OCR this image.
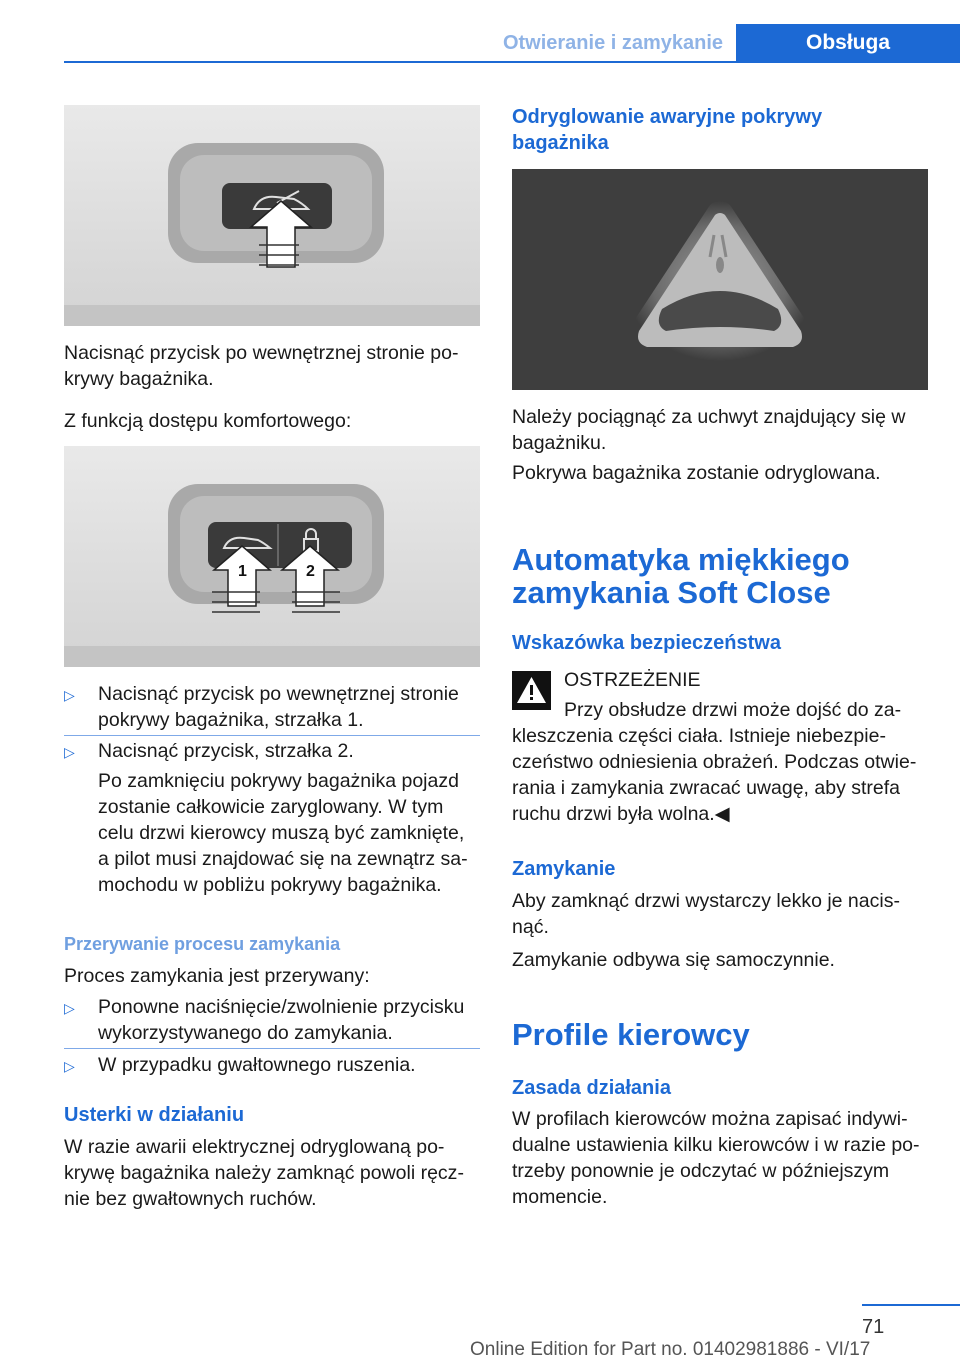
Otwieranie i zamykanie	Obsługa
Nacisnąć przycisk po wewnętrznej stronie pokrywy bagażnika.
Z funkcją dostępu komfortowego:
1	2
▷ Nacisnąć przycisk po wewnętrznej stronie pokrywy bagażnika, strzałka 1.
▷ Nacisnąć przycisk, strzałka 2.
Po zamknięciu pokrywy bagażnika pojazd zostanie całkowicie zaryglowany. W tym celu drzwi kierowcy muszą być zamknięte, a pilot musi znajdować się na zewnątrz samochodu w pobliżu pokrywy bagażnika.
Przerywanie procesu zamykania
Proces zamykania jest przerywany:
▷ Ponowne naciśnięcie/zwolnienie przycisku wykorzystywanego do zamykania.
▷ W przypadku gwałtownego ruszenia.
Usterki w działaniu
W razie awarii elektrycznej odryglowaną pokrywę bagażnika należy zamknąć powoli ręcznie bez gwałtownych ruchów.
Odryglowanie awaryjne pokrywy bagażnika
Należy pociągnąć za uchwyt znajdujący się w bagażniku.
Pokrywa bagażnika zostanie odryglowana.
Automatyka miękkiego zamykania Soft Close
Wskazówka bezpieczeństwa
OSTRZEŻENIE
Przy obsłudze drzwi może dojść do zakleszczenia części ciała. Istnieje niebezpieczeństwo odniesienia obrażeń. Podczas otwierania i zamykania zwracać uwagę, aby strefa ruchu drzwi była wolna.◀
Zamykanie
Aby zamknąć drzwi wystarczy lekko je nacisnąć.
Zamykanie odbywa się samoczynnie.
Profile kierowcy
Zasada działania
W profilach kierowców można zapisać indywidualne ustawienia kilku kierowców i w razie potrzeby ponownie je odczytać w późniejszym momencie.
71
Online Edition for Part no. 01402981886 - VI/17
